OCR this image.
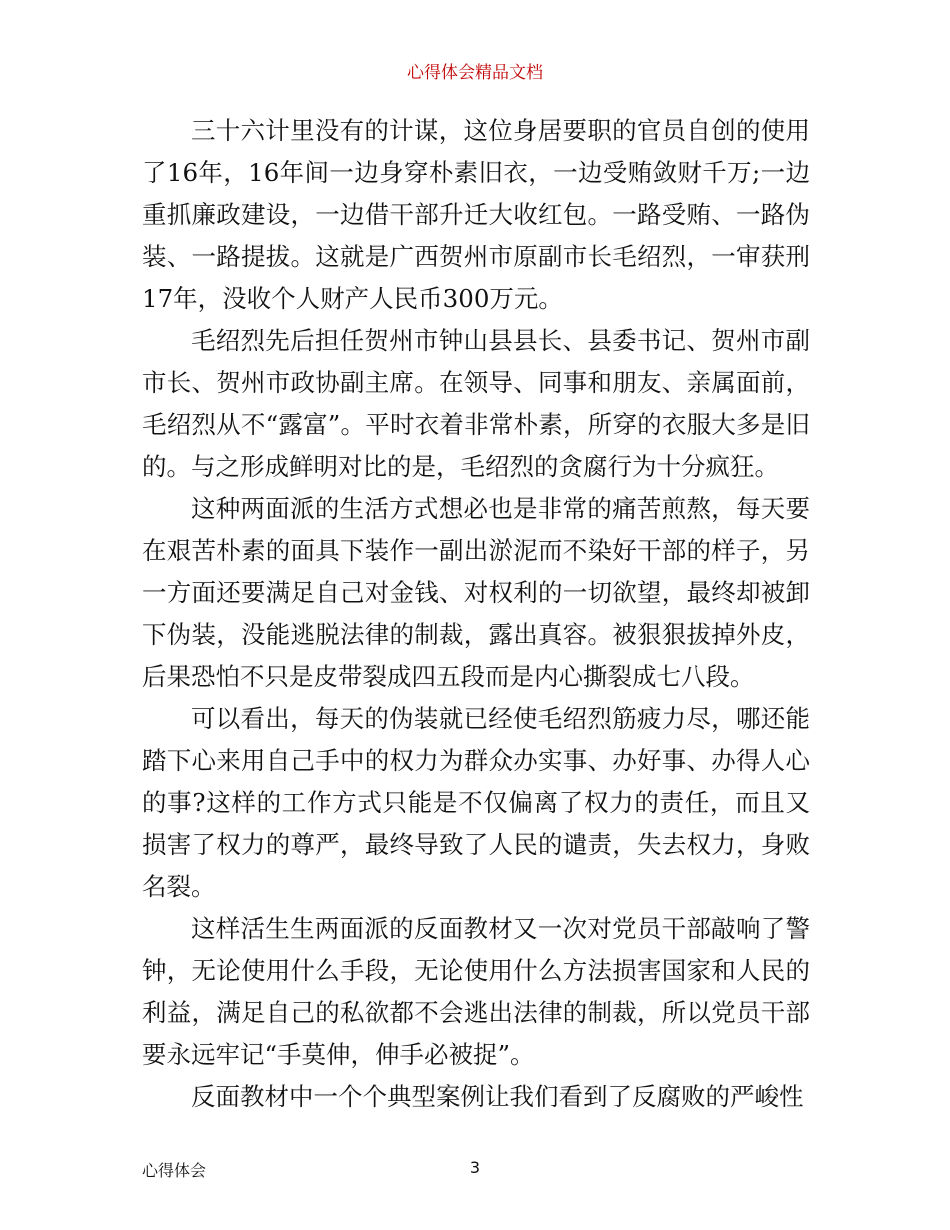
心得体会精品文档

三十六计里没有的计谋，这位身居要职的官员自创的使用了16年，16年间一边身穿朴素旧衣，一边受贿敛财千万;一边重抓廉政建设，一边借干部升迁大收红包。一路受贿、一路伪装、一路提拔。这就是广西贺州市原副市长毛绍烈，一审获刑17年，没收个人财产人民币300万元。

毛绍烈先后担任贺州市钟山县县长、县委书记、贺州市副市长、贺州市政协副主席。在领导、同事和朋友、亲属面前，毛绍烈从不“露富”。平时衣着非常朴素，所穿的衣服大多是旧的。与之形成鲜明对比的是，毛绍烈的贪腐行为十分疯狂。

这种两面派的生活方式想必也是非常的痛苦煎熬，每天要在艰苦朴素的面具下装作一副出淤泥而不染好干部的样子，另一方面还要满足自己对金钱、对权利的一切欲望，最终却被卸下伪装，没能逃脱法律的制裁，露出真容。被狠狠拔掉外皮，后果恐怕不只是皮带裂成四五段而是内心撕裂成七八段。

可以看出，每天的伪装就已经使毛绍烈筋疲力尽，哪还能踏下心来用自己手中的权力为群众办实事、办好事、办得人心的事?这样的工作方式只能是不仅偏离了权力的责任，而且又损害了权力的尊严，最终导致了人民的谴责，失去权力，身败名裂。

这样活生生两面派的反面教材又一次对党员干部敲响了警钟，无论使用什么手段，无论使用什么方法损害国家和人民的利益，满足自己的私欲都不会逃出法律的制裁，所以党员干部要永远牢记“手莫伸，伸手必被捉”。

反面教材中一个个典型案例让我们看到了反腐败的严峻性

心得体会	3
